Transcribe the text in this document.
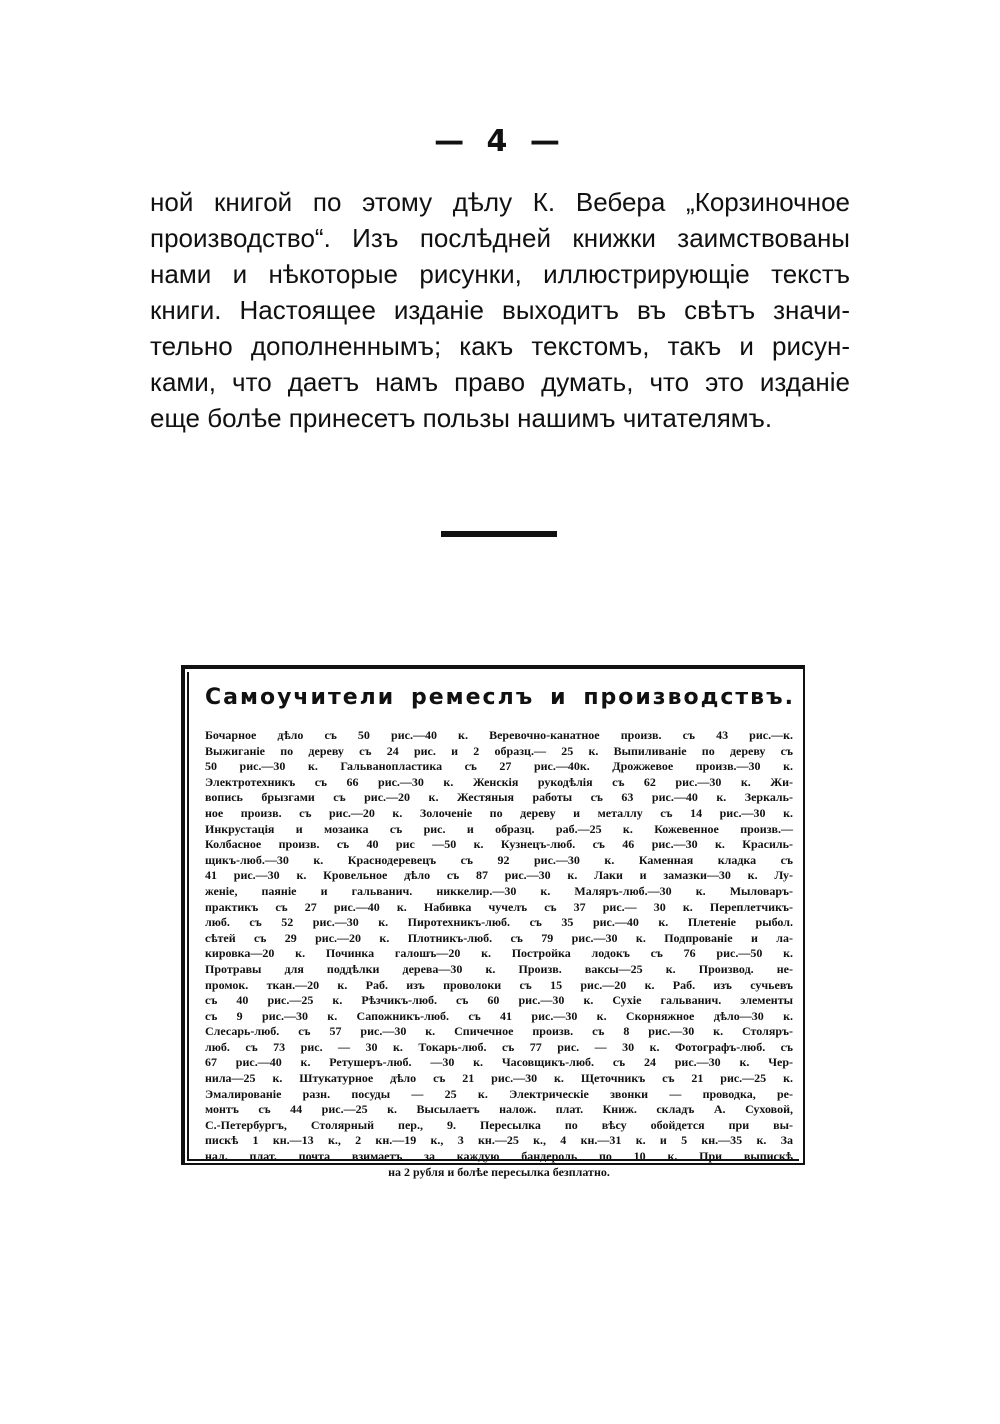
— 4 —
ной книгой по этому дѣлу К. Вебера „Корзиночное
производство“. Изъ послѣдней книжки заимствованы
нами и нѣкоторые рисунки, иллюстрирующіе текстъ
книги. Настоящее изданіе выходитъ въ свѣтъ значи-
тельно дополненнымъ; какъ текстомъ, такъ и рисун-
ками, что даетъ намъ право думать, что это изданіе
еще болѣе принесетъ пользы нашимъ читателямъ.
Самоучители ремеслъ и производствъ.
Бочарное дѣло съ 50 рис.—40 к. Веревочно-канатное произв. съ 43 рис.—к.
Выжиганіе по дереву съ 24 рис. и 2 образц.— 25 к. Выпиливаніе по дереву съ
50 рис.—30 к. Гальванопластика съ 27 рис.—40к. Дрожжевое произв.—30 к.
Электротехникъ съ 66 рис.—30 к. Женскія рукодѣлія съ 62 рис.—30 к. Жи-
вопись брызгами съ рис.—20 к. Жестяныя работы съ 63 рис.—40 к. Зеркаль-
ное произв. съ рис.—20 к. Золоченіе по дереву и металлу съ 14 рис.—30 к.
Инкрустація и мозаика съ рис. и образц. раб.—25 к. Кожевенное произв.—
Колбасное произв. съ 40 рис —50 к. Кузнецъ-люб. съ 46 рис.—30 к. Красиль-
щикъ-люб.—30 к. Краснодеревецъ съ 92 рис.—30 к. Каменная кладка съ
41 рис.—30 к. Кровельное дѣло съ 87 рис.—30 к. Лаки и замазки—30 к. Лу-
женіе, паяніе и гальванич. никкелир.—30 к. Маляръ-люб.—30 к. Мыловаръ-
практикъ съ 27 рис.—40 к. Набивка чучелъ съ 37 рис.— 30 к. Переплетчикъ-
люб. съ 52 рис.—30 к. Пиротехникъ-люб. съ 35 рис.—40 к. Плетеніе рыбол.
сѣтей съ 29 рис.—20 к. Плотникъ-люб. съ 79 рис.—30 к. Подпрованіе и ла-
кировка—20 к. Починка галошъ—20 к. Постройка лодокъ съ 76 рис.—50 к.
Протравы для поддѣлки дерева—30 к. Произв. ваксы—25 к. Производ. не-
промок. ткан.—20 к. Раб. изъ проволоки съ 15 рис.—20 к. Раб. изъ сучьевъ
съ 40 рис.—25 к. Рѣзчикъ-люб. съ 60 рис.—30 к. Сухіе гальванич. элементы
съ 9 рис.—30 к. Сапожникъ-люб. съ 41 рис.—30 к. Скорняжное дѣло—30 к.
Слесарь-люб. съ 57 рис.—30 к. Спичечное произв. съ 8 рис.—30 к. Столяръ-
люб. съ 73 рис. — 30 к. Токарь-люб. съ 77 рис. — 30 к. Фотографъ-люб. съ
67 рис.—40 к. Ретушеръ-люб. —30 к. Часовщикъ-люб. съ 24 рис.—30 к. Чер-
нила—25 к. Штукатурное дѣло съ 21 рис.—30 к. Щеточникъ съ 21 рис.—25 к.
Эмалированіе разн. посуды — 25 к. Электрическіе звонки — проводка, ре-
монтъ съ 44 рис.—25 к. Высылаетъ налож. плат. Книж. складъ А. Суховой,
С.-Петербургъ, Столярный пер., 9. Пересылка по вѣсу обойдется при вы-
пискѣ 1 кн.—13 к., 2 кн.—19 к., 3 кн.—25 к., 4 кн.—31 к. и 5 кн.—35 к. За
нал. плат. почта взимаетъ за каждую бандероль по 10 к. При выпискѣ
на 2 рубля и болѣе пересылка безплатно.
